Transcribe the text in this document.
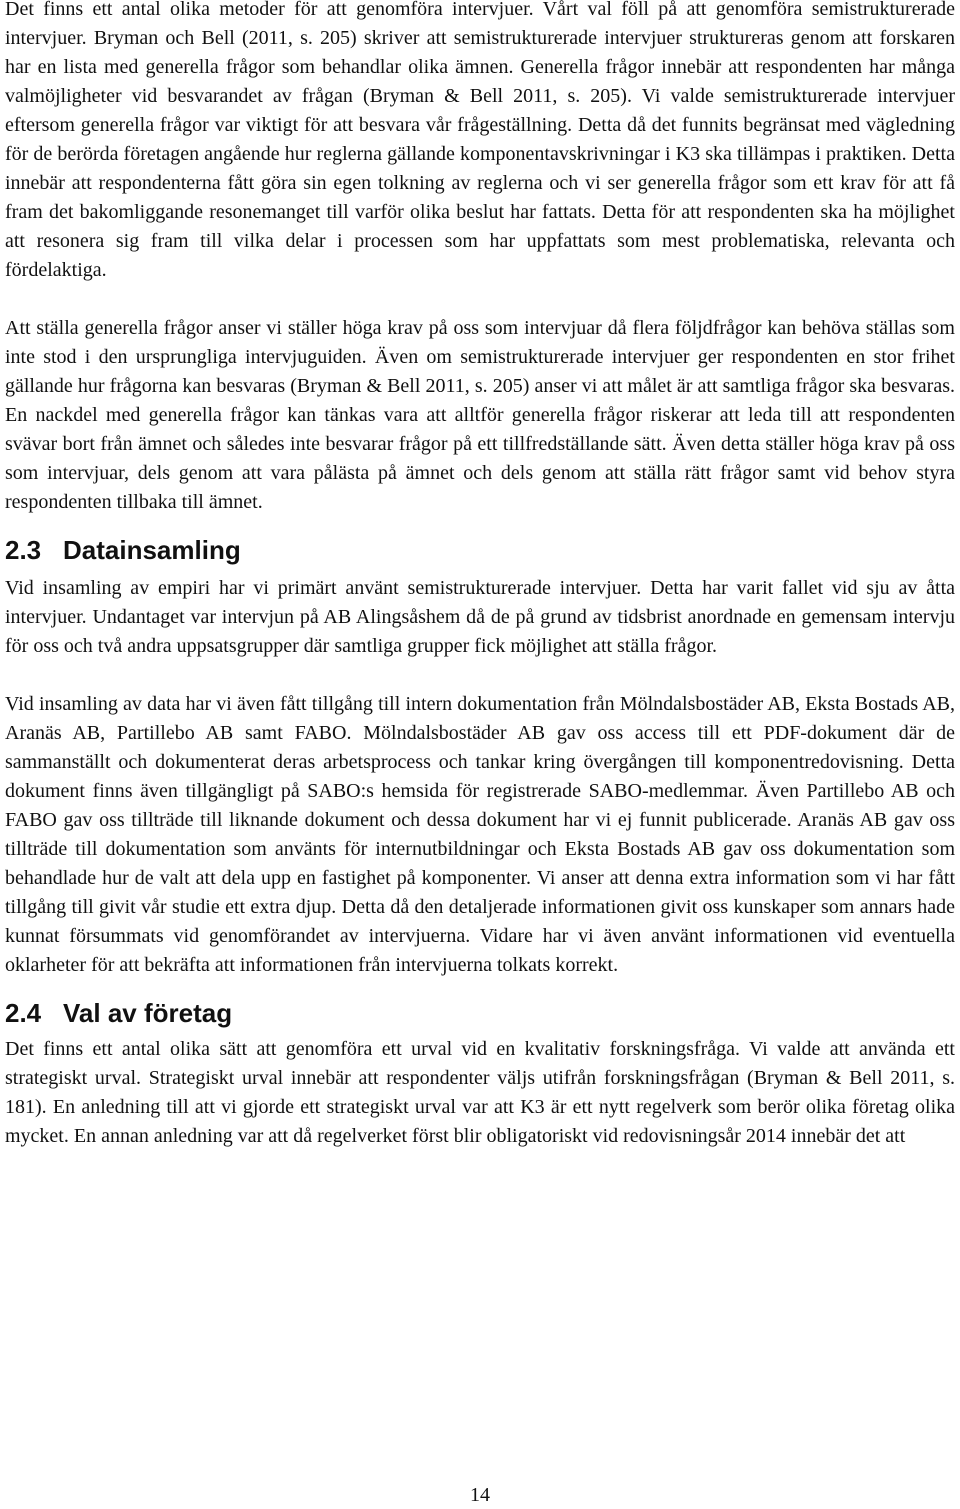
Det finns ett antal olika metoder för att genomföra intervjuer. Vårt val föll på att genomföra semistrukturerade intervjuer. Bryman och Bell (2011, s. 205) skriver att semistrukturerade intervjuer struktureras genom att forskaren har en lista med generella frågor som behandlar olika ämnen. Generella frågor innebär att respondenten har många valmöjligheter vid besvarandet av frågan (Bryman & Bell 2011, s. 205). Vi valde semistrukturerade intervjuer eftersom generella frågor var viktigt för att besvara vår frågeställning. Detta då det funnits begränsat med vägledning för de berörda företagen angående hur reglerna gällande komponentavskrivningar i K3 ska tillämpas i praktiken. Detta innebär att respondenterna fått göra sin egen tolkning av reglerna och vi ser generella frågor som ett krav för att få fram det bakomliggande resonemanget till varför olika beslut har fattats. Detta för att respondenten ska ha möjlighet att resonera sig fram till vilka delar i processen som har uppfattats som mest problematiska, relevanta och fördelaktiga.

Att ställa generella frågor anser vi ställer höga krav på oss som intervjuar då flera följdfrågor kan behöva ställas som inte stod i den ursprungliga intervjuguiden. Även om semistrukturerade intervjuer ger respondenten en stor frihet gällande hur frågorna kan besvaras (Bryman & Bell 2011, s. 205) anser vi att målet är att samtliga frågor ska besvaras. En nackdel med generella frågor kan tänkas vara att alltför generella frågor riskerar att leda till att respondenten svävar bort från ämnet och således inte besvarar frågor på ett tillfredställande sätt. Även detta ställer höga krav på oss som intervjuar, dels genom att vara pålästa på ämnet och dels genom att ställa rätt frågor samt vid behov styra respondenten tillbaka till ämnet.

2.3 Datainsamling

Vid insamling av empiri har vi primärt använt semistrukturerade intervjuer. Detta har varit fallet vid sju av åtta intervjuer. Undantaget var intervjun på AB Alingsåshem då de på grund av tidsbrist anordnade en gemensam intervju för oss och två andra uppsatsgrupper där samtliga grupper fick möjlighet att ställa frågor.

Vid insamling av data har vi även fått tillgång till intern dokumentation från Mölndalsbostäder AB, Eksta Bostads AB, Aranäs AB, Partillebo AB samt FABO. Mölndalsbostäder AB gav oss access till ett PDF-dokument där de sammanställt och dokumenterat deras arbetsprocess och tankar kring övergången till komponentredovisning. Detta dokument finns även tillgängligt på SABO:s hemsida för registrerade SABO-medlemmar. Även Partillebo AB och FABO gav oss tillträde till liknande dokument och dessa dokument har vi ej funnit publicerade. Aranäs AB gav oss tillträde till dokumentation som använts för internutbildningar och Eksta Bostads AB gav oss dokumentation som behandlade hur de valt att dela upp en fastighet på komponenter. Vi anser att denna extra information som vi har fått tillgång till givit vår studie ett extra djup. Detta då den detaljerade informationen givit oss kunskaper som annars hade kunnat försummats vid genomförandet av intervjuerna. Vidare har vi även använt informationen vid eventuella oklarheter för att bekräfta att informationen från intervjuerna tolkats korrekt.

2.4 Val av företag

Det finns ett antal olika sätt att genomföra ett urval vid en kvalitativ forskningsfråga. Vi valde att använda ett strategiskt urval. Strategiskt urval innebär att respondenter väljs utifrån forskningsfrågan (Bryman & Bell 2011, s. 181). En anledning till att vi gjorde ett strategiskt urval var att K3 är ett nytt regelverk som berör olika företag olika mycket. En annan anledning var att då regelverket först blir obligatoriskt vid redovisningsår 2014 innebär det att

14
